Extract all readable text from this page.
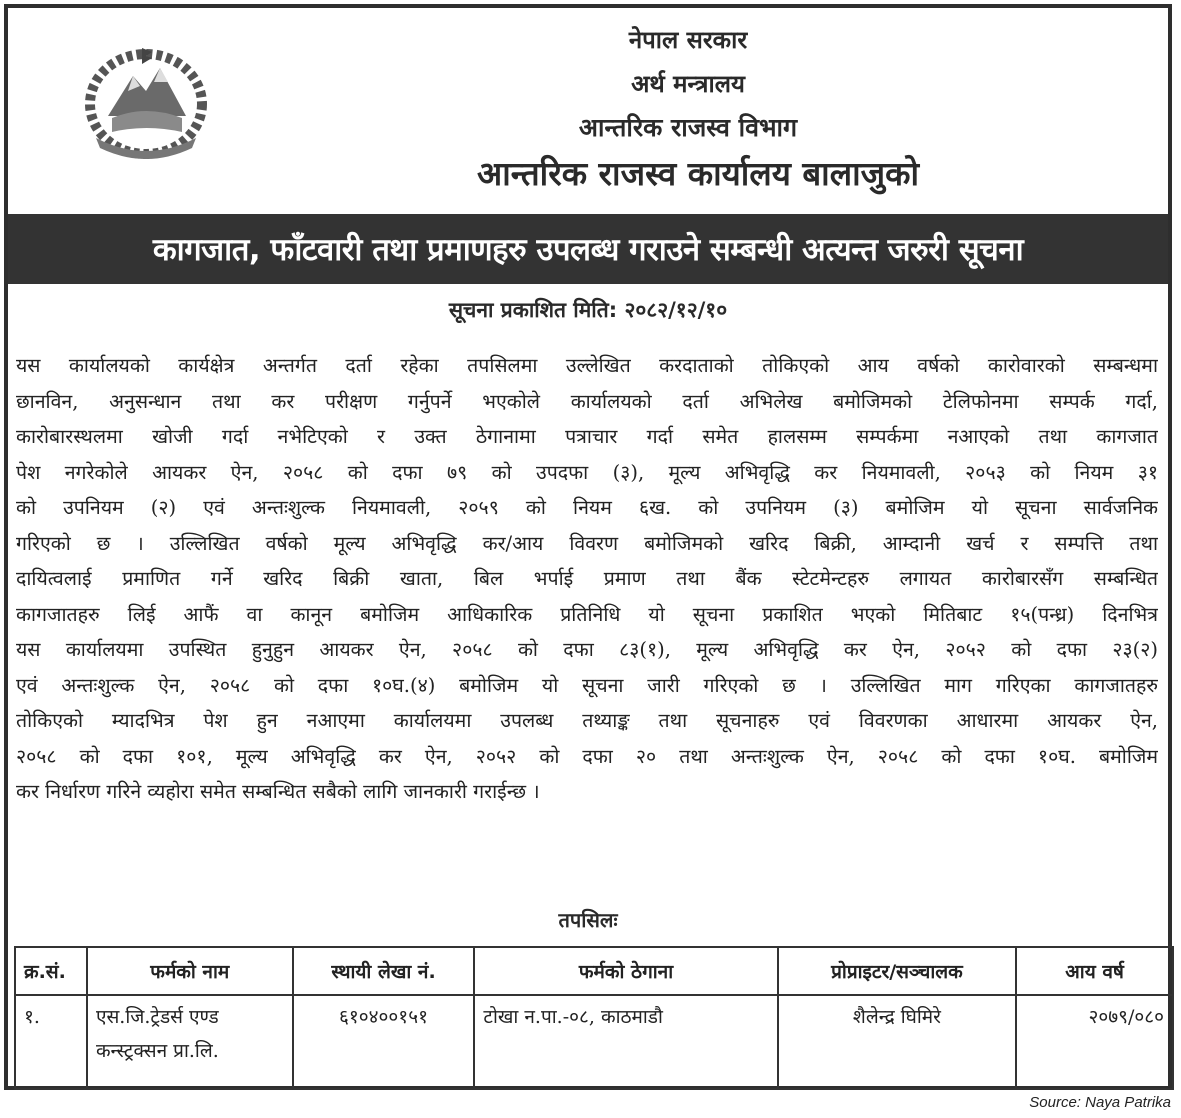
नेपाल सरकार
अर्थ मन्त्रालय
आन्तरिक राजस्व विभाग
आन्तरिक राजस्व कार्यालय बालाजुको
कागजात, फाँटवारी तथा प्रमाणहरु उपलब्ध गराउने सम्बन्धी अत्यन्त जरुरी सूचना
सूचना प्रकाशित मिति: २०८२/१२/१०
यस कार्यालयको कार्यक्षेत्र अन्तर्गत दर्ता रहेका तपसिलमा उल्लेखित करदाताको तोकिएको आय वर्षको कारोवारको सम्बन्धमा
छानविन, अनुसन्धान तथा कर परीक्षण गर्नुपर्ने भएकोले कार्यालयको दर्ता अभिलेख बमोजिमको टेलिफोनमा सम्पर्क गर्दा,
कारोबारस्थलमा खोजी गर्दा नभेटिएको र उक्त ठेगानामा पत्राचार गर्दा समेत हालसम्म सम्पर्कमा नआएको तथा कागजात
पेश नगरेकोले आयकर ऐन, २०५८ को दफा ७९ को उपदफा (३), मूल्य अभिवृद्धि कर नियमावली, २०५३ को नियम ३१
को उपनियम (२) एवं अन्तःशुल्क नियमावली, २०५९ को नियम ६ख. को उपनियम (३) बमोजिम यो सूचना सार्वजनिक
गरिएको छ । उल्लिखित वर्षको मूल्य अभिवृद्धि कर/आय विवरण बमोजिमको खरिद बिक्री, आम्दानी खर्च र सम्पत्ति तथा
दायित्वलाई प्रमाणित गर्ने खरिद बिक्री खाता, बिल भर्पाई प्रमाण तथा बैंक स्टेटमेन्टहरु लगायत कारोबारसँग सम्बन्धित
कागजातहरु लिई आफैं वा कानून बमोजिम आधिकारिक प्रतिनिधि यो सूचना प्रकाशित भएको मितिबाट १५(पन्ध्र) दिनभित्र
यस कार्यालयमा उपस्थित हुनुहुन आयकर ऐन, २०५८ को दफा ८३(१), मूल्य अभिवृद्धि कर ऐन, २०५२ को दफा २३(२)
एवं अन्तःशुल्क ऐन, २०५८ को दफा १०घ.(४) बमोजिम यो सूचना जारी गरिएको छ । उल्लिखित माग गरिएका कागजातहरु
तोकिएको म्यादभित्र पेश हुन नआएमा कार्यालयमा उपलब्ध तथ्याङ्क तथा सूचनाहरु एवं विवरणका आधारमा आयकर ऐन,
२०५८ को दफा १०१, मूल्य अभिवृद्धि कर ऐन, २०५२ को दफा २० तथा अन्तःशुल्क ऐन, २०५८ को दफा १०घ. बमोजिम
कर निर्धारण गरिने व्यहोरा समेत सम्बन्धित सबैको लागि जानकारी गराईन्छ ।
तपसिलः
क्र.सं.	फर्मको नाम	स्थायी लेखा नं.	फर्मको ठेगाना	प्रोप्राइटर/सञ्चालक	आय वर्ष
१.	एस.जि.ट्रेडर्स एण्ड कन्स्ट्रक्सन प्रा.लि.	६१०४००१५१	टोखा न.पा.-०८, काठमाडौ	शैलेन्द्र घिमिरे	२०७९/०८०
Source: Naya Patrika
